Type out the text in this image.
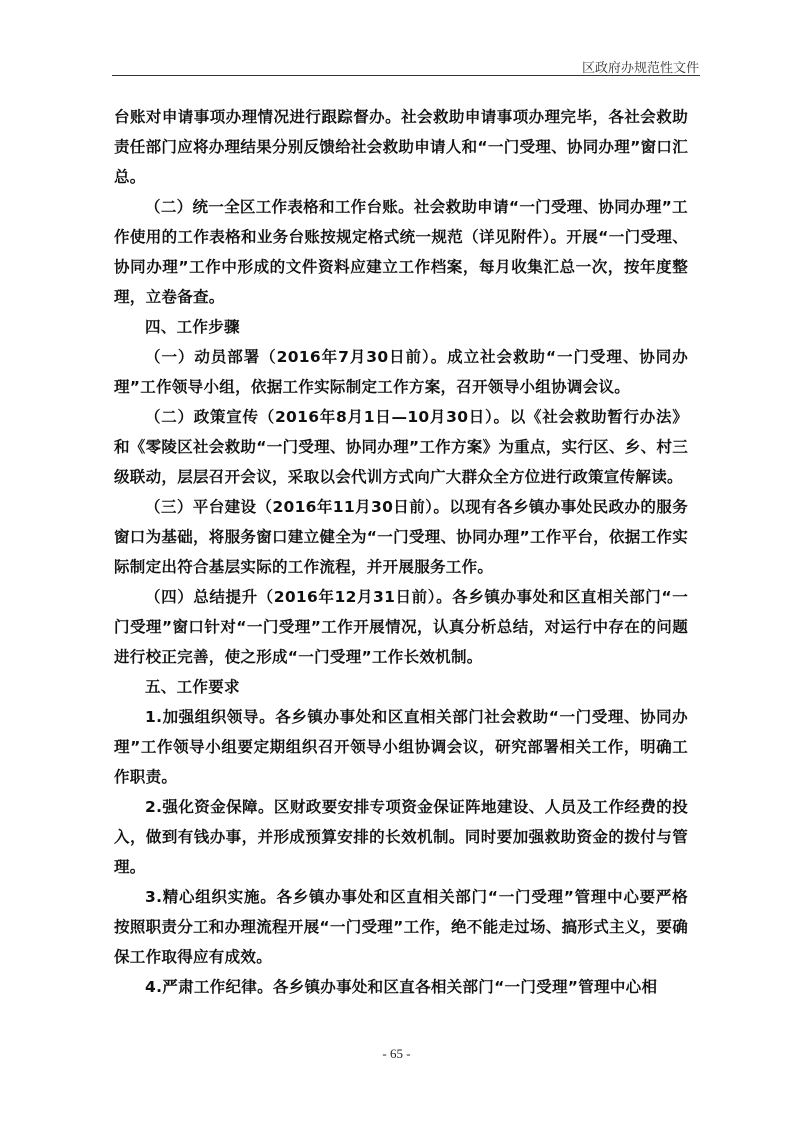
区政府办规范性文件

台账对申请事项办理情况进行跟踪督办。社会救助申请事项办理完毕，各社会救助责任部门应将办理结果分别反馈给社会救助申请人和“一门受理、协同办理”窗口汇总。

（二）统一全区工作表格和工作台账。社会救助申请“一门受理、协同办理”工作使用的工作表格和业务台账按规定格式统一规范（详见附件）。开展“一门受理、协同办理”工作中形成的文件资料应建立工作档案，每月收集汇总一次，按年度整理，立卷备查。

四、工作步骤

（一）动员部署（2016年7月30日前）。成立社会救助“一门受理、协同办理”工作领导小组，依据工作实际制定工作方案，召开领导小组协调会议。

（二）政策宣传（2016年8月1日—10月30日）。以《社会救助暂行办法》和《零陵区社会救助“一门受理、协同办理”工作方案》为重点，实行区、乡、村三级联动，层层召开会议，采取以会代训方式向广大群众全方位进行政策宣传解读。

（三）平台建设（2016年11月30日前）。以现有各乡镇办事处民政办的服务窗口为基础，将服务窗口建立健全为“一门受理、协同办理”工作平台，依据工作实际制定出符合基层实际的工作流程，并开展服务工作。

（四）总结提升（2016年12月31日前）。各乡镇办事处和区直相关部门“一门受理”窗口针对“一门受理”工作开展情况，认真分析总结，对运行中存在的问题进行校正完善，使之形成“一门受理”工作长效机制。

五、工作要求

1.加强组织领导。各乡镇办事处和区直相关部门社会救助“一门受理、协同办理”工作领导小组要定期组织召开领导小组协调会议，研究部署相关工作，明确工作职责。

2.强化资金保障。区财政要安排专项资金保证阵地建设、人员及工作经费的投入，做到有钱办事，并形成预算安排的长效机制。同时要加强救助资金的拨付与管理。

3.精心组织实施。各乡镇办事处和区直相关部门“一门受理”管理中心要严格按照职责分工和办理流程开展“一门受理”工作，绝不能走过场、搞形式主义，要确保工作取得应有成效。

4.严肃工作纪律。各乡镇办事处和区直各相关部门“一门受理”管理中心相

- 65 -
